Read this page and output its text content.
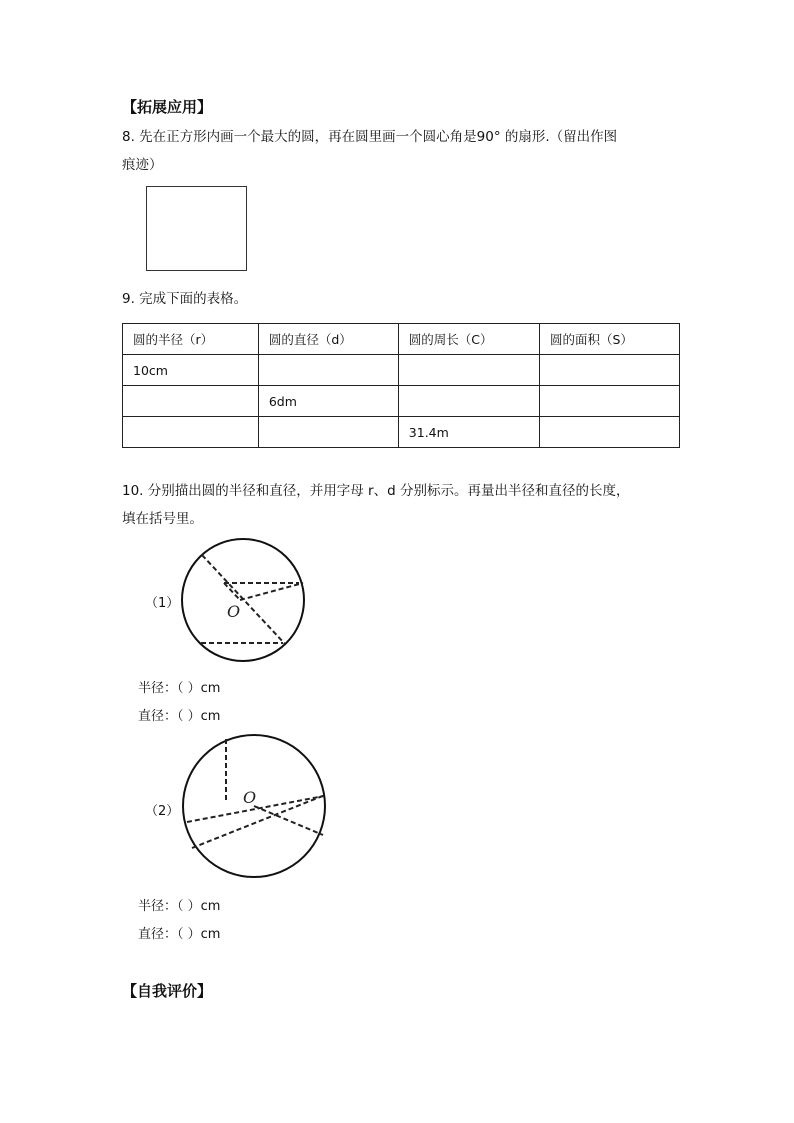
【拓展应用】
8. 先在正方形内画一个最大的圆，再在圆里画一个圆心角是90° 的扇形.（留出作图
痕迹）
9. 完成下面的表格。
圆的半径（r）	圆的直径（d）	圆的周长（C）	圆的面积（S）
10cm			
	6dm		
		31.4m	
10. 分别描出圆的半径和直径，并用字母 r、d 分别标示。再量出半径和直径的长度，
填在括号里。
（1）	O
半径：（ ）cm
直径：（ ）cm
（2）
O
半径：（ ）cm
直径：（ ）cm
【自我评价】
